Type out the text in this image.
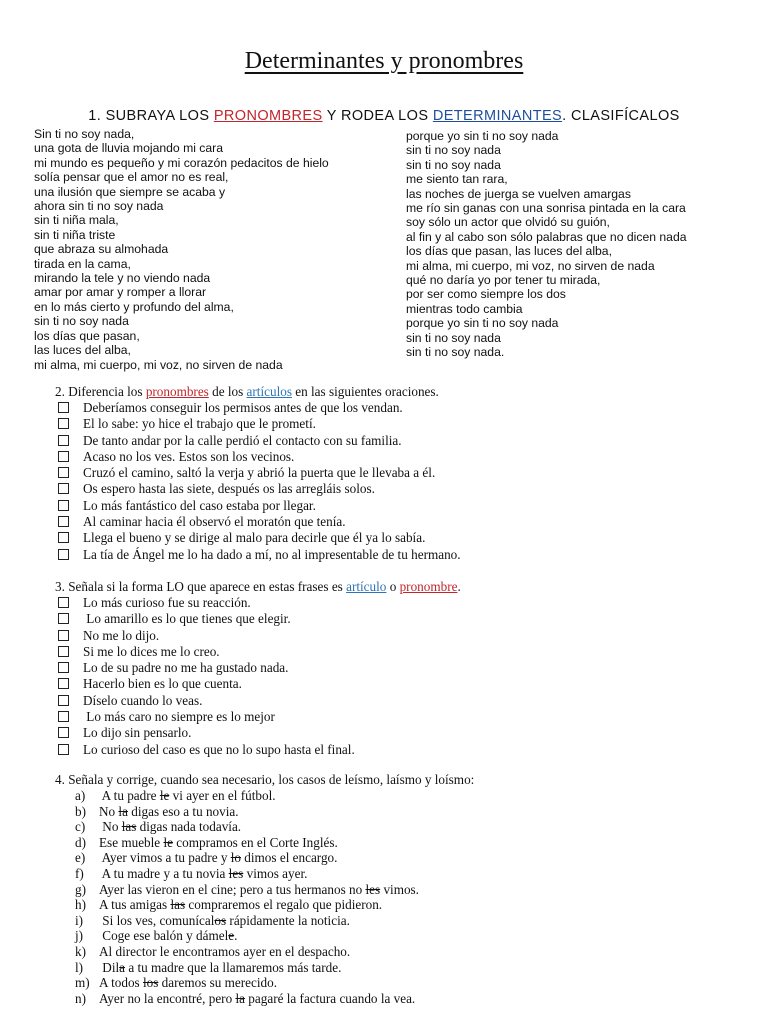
Determinantes y pronombres
1. SUBRAYA LOS PRONOMBRES Y RODEA LOS DETERMINANTES. CLASIFÍCALOS
Sin ti no soy nada,
una gota de lluvia mojando mi cara
mi mundo es pequeño y mi corazón pedacitos de hielo
solía pensar que el amor no es real,
una ilusión que siempre se acaba y
ahora sin ti no soy nada
sin ti niña mala,
sin ti niña triste
que abraza su almohada
tirada en la cama,
mirando la tele y no viendo nada
amar por amar y romper a llorar
en lo más cierto y profundo del alma,
sin ti no soy nada
los días que pasan,
las luces del alba,
mi alma, mi cuerpo, mi voz, no sirven de nada
porque yo sin ti no soy nada
sin ti no soy nada
sin ti no soy nada
me siento tan rara,
las noches de juerga se vuelven amargas
me río sin ganas con una sonrisa pintada en la cara
soy sólo un actor que olvidó su guión,
al fin y al cabo son sólo palabras que no dicen nada
los días que pasan, las luces del alba,
mi alma, mi cuerpo, mi voz, no sirven de nada
qué no daría yo por tener tu mirada,
por ser como siempre los dos
mientras todo cambia
porque yo sin ti no soy nada
sin ti no soy nada
sin ti no soy nada.
2. Diferencia los pronombres de los artículos en las siguientes oraciones.
Deberíamos conseguir los permisos antes de que los vendan.
El lo sabe: yo hice el trabajo que le prometí.
De tanto andar por la calle perdió el contacto con su familia.
Acaso no los ves. Estos son los vecinos.
Cruzó el camino, saltó la verja y abrió la puerta que le llevaba a él.
Os espero hasta las siete, después os las arregláis solos.
Lo más fantástico del caso estaba por llegar.
Al caminar hacia él observó el moratón que tenía.
Llega el bueno y se dirige al malo para decirle que él ya lo sabía.
La tía de Ángel me lo ha dado a mí, no al impresentable de tu hermano.
3. Señala si la forma LO que aparece en estas frases es artículo o pronombre.
Lo más curioso fue su reacción.
Lo amarillo es lo que tienes que elegir.
No me lo dijo.
Si me lo dices me lo creo.
Lo de su padre no me ha gustado nada.
Hacerlo bien es lo que cuenta.
Díselo cuando lo veas.
Lo más caro no siempre es lo mejor
Lo dijo sin pensarlo.
Lo curioso del caso es que no lo supo hasta el final.
4. Señala y corrige, cuando sea necesario, los casos de leísmo, laísmo y loísmo:
a) A tu padre le vi ayer en el fútbol.
b) No la digas eso a tu novia.
c) No las digas nada todavía.
d) Ese mueble le compramos en el Corte Inglés.
e) Ayer vimos a tu padre y lo dimos el encargo.
f) A tu madre y a tu novia les vimos ayer.
g) Ayer las vieron en el cine; pero a tus hermanos no les vimos.
h) A tus amigas las compraremos el regalo que pidieron.
i) Si los ves, comunícalos rápidamente la noticia.
j) Coge ese balón y dámele.
k) Al director le encontramos ayer en el despacho.
l) Dila a tu madre que la llamaremos más tarde.
m) A todos los daremos su merecido.
n) Ayer no la encontré, pero la pagaré la factura cuando la vea.
